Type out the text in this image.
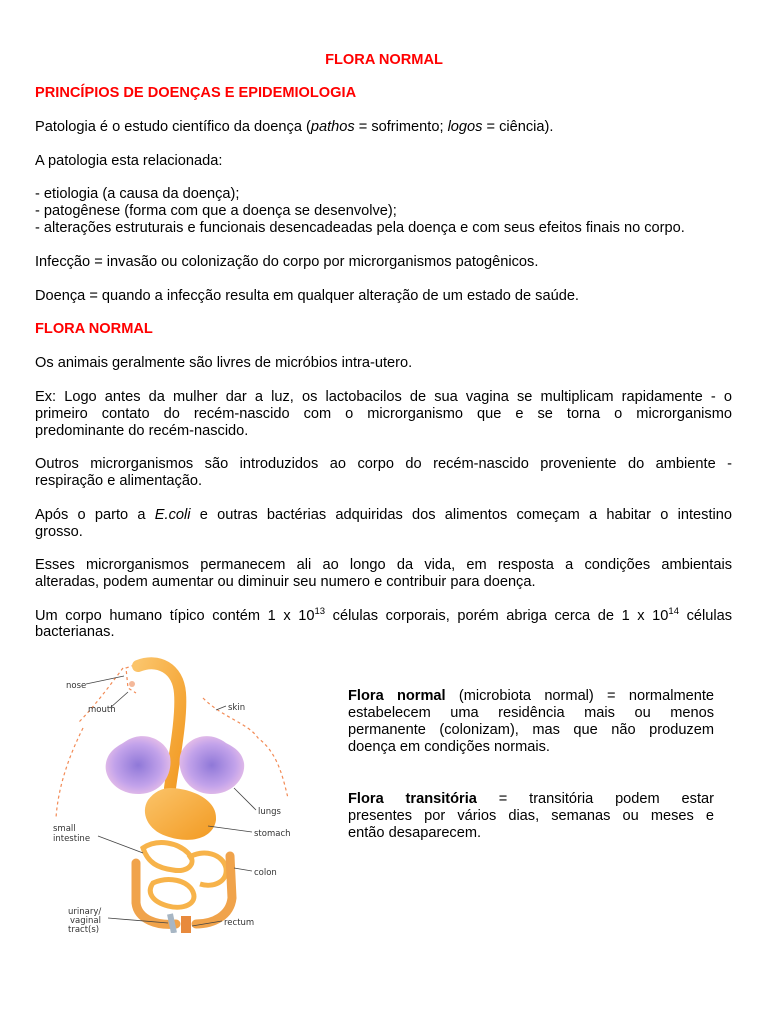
FLORA NORMAL
PRINCÍPIOS DE DOENÇAS E EPIDEMIOLOGIA
Patologia é o estudo científico da doença (pathos = sofrimento; logos = ciência).
A patologia esta relacionada:
- etiologia (a causa da doença);
- patogênese (forma com que a doença se desenvolve);
- alterações estruturais e funcionais desencadeadas pela doença e com seus efeitos finais no corpo.
Infecção = invasão ou colonização do corpo por microrganismos patogênicos.
Doença = quando a infecção resulta em qualquer alteração de um estado de saúde.
FLORA NORMAL
Os animais geralmente são livres de micróbios intra-utero.
Ex: Logo antes da mulher dar a luz, os lactobacilos de sua vagina se multiplicam rapidamente - o
primeiro contato do recém-nascido com o microrganismo que e se torna o microrganismo
predominante do recém-nascido.
Outros microrganismos são introduzidos ao corpo do recém-nascido proveniente do ambiente -
respiração e alimentação.
Após o parto a E.coli e outras bactérias adquiridas dos alimentos começam a habitar o intestino
grosso.
Esses microrganismos permanecem ali ao longo da vida, em resposta a condições ambientais
alteradas, podem aumentar ou diminuir seu numero e contribuir para doença.
Um corpo humano típico contém 1 x $10^{13}$ células corporais, porém abriga cerca de 1 x $10^{14}$ células
bacterianas.
nose
mouth	skin
lungs
small
intestine	stomach
colon
urinary/
vaginal
tract(s)
rectum

Flora normal (microbiota normal) = normalmente

estabelecem uma residência mais ou menos

permanente (colonizam), mas que não produzem

doença em condições normais.

Flora transitória = transitória podem estar

presentes por vários dias, semanas ou meses e

então desaparecem.
